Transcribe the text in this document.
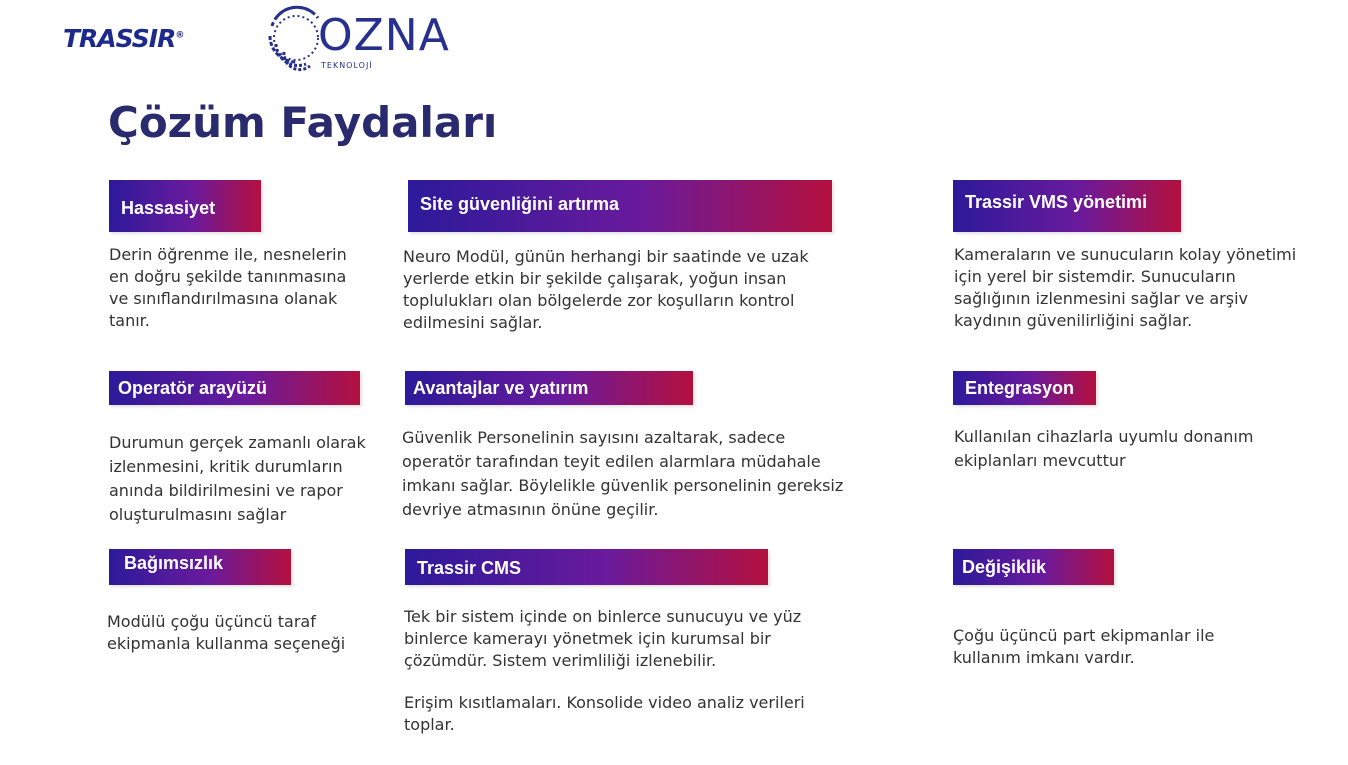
TRASSIR®	OZNA
TEKNOLOJİ
Çözüm Faydaları
Hassasiyet
Derin öğrenme ile, nesnelerin
en doğru şekilde tanınmasına
ve sınıflandırılmasına olanak
tanır.
Site güvenliğini artırma
Neuro Modül, günün herhangi bir saatinde ve uzak
yerlerde etkin bir şekilde çalışarak, yoğun insan
toplulukları olan bölgelerde zor koşulların kontrol
edilmesini sağlar.
Trassir VMS yönetimi
Kameraların ve sunucuların kolay yönetimi
için yerel bir sistemdir. Sunucuların
sağlığının izlenmesini sağlar ve arşiv
kaydının güvenilirliğini sağlar.
Operatör arayüzü
Durumun gerçek zamanlı olarak
izlenmesini, kritik durumların
anında bildirilmesini ve rapor
oluşturulmasını sağlar
Avantajlar ve yatırım
Güvenlik Personelinin sayısını azaltarak, sadece
operatör tarafından teyit edilen alarmlara müdahale
imkanı sağlar. Böylelikle güvenlik personelinin gereksiz
devriye atmasının önüne geçilir.
Entegrasyon
Kullanılan cihazlarla uyumlu donanım
ekiplanları mevcuttur
Bağımsızlık
Modülü çoğu üçüncü taraf
ekipmanla kullanma seçeneği
Trassir CMS
Tek bir sistem içinde on binlerce sunucuyu ve yüz
binlerce kamerayı yönetmek için kurumsal bir
çözümdür. Sistem verimliliği izlenebilir.
Erişim kısıtlamaları. Konsolide video analiz verileri
toplar.
Değişiklik
Çoğu üçüncü part ekipmanlar ile
kullanım imkanı vardır.
